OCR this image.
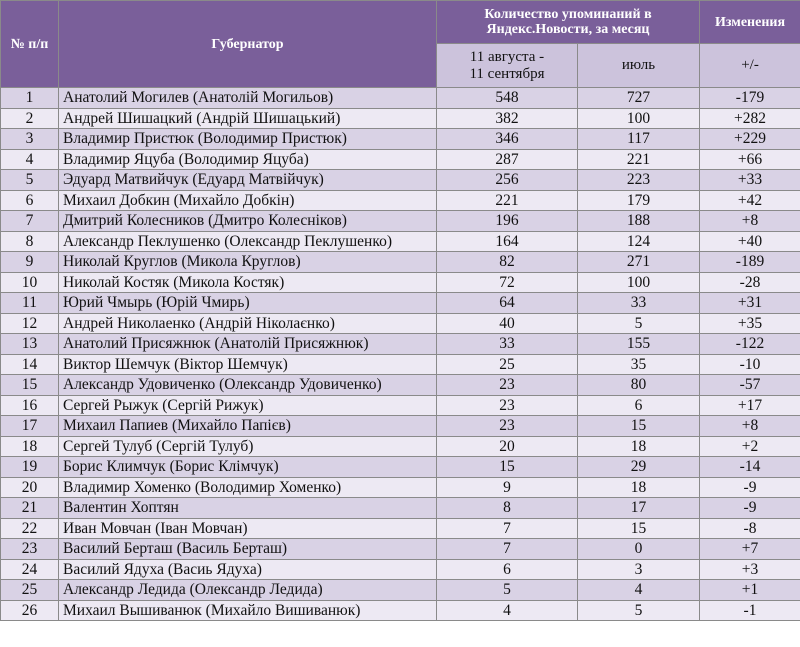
№ п/п	Губернатор	Количество упоминаний в Яндекс.Новости, за месяц		Изменения

		11 августа -
11 сентября	июль	+/-
1	Анатолий Могилев (Анатолій Могильов)	548	727	-179
2	Андрей Шишацкий (Андрій Шишацький)	382	100	+282
3	Владимир Пристюк (Володимир Пристюк)	346	117	+229
4	Владимир Яцуба (Володимир Яцуба)	287	221	+66
5	Эдуард Матвийчук (Едуард Матвійчук)	256	223	+33
6	Михаил Добкин (Михайло Добкін)	221	179	+42
7	Дмитрий Колесников (Дмитро Колесніков)	196	188	+8
8	Александр Пеклушенко (Олександр Пеклушенко)	164	124	+40
9	Николай Круглов (Микола Круглов)	82	271	-189
10	Николай Костяк (Микола Костяк)	72	100	-28
11	Юрий Чмырь (Юрій Чмирь)	64	33	+31
12	Андрей Николаенко (Андрій Ніколаєнко)	40	5	+35
13	Анатолий Присяжнюк (Анатолій Присяжнюк)	33	155	-122
14	Виктор Шемчук (Віктор Шемчук)	25	35	-10
15	Александр Удовиченко (Олександр Удовиченко)	23	80	-57
16	Сергей Рыжук (Сергій Рижук)	23	6	+17
17	Михаил Папиев (Михайло Папієв)	23	15	+8
18	Сергей Тулуб (Сергій Тулуб)	20	18	+2
19	Борис Климчук (Борис Клімчук)	15	29	-14
20	Владимир Хоменко (Володимир Хоменко)	9	18	-9
21	Валентин Хоптян	8	17	-9
22	Иван Мовчан (Іван Мовчан)	7	15	-8
23	Василий Берташ (Василь Берташ)	7	0	+7
24	Василий Ядуха (Васиь Ядуха)	6	3	+3
25	Александр Ледида (Олександр Ледида)	5	4	+1
26	Михаил Вышиванюк (Михайло Вишиванюк)	4	5	-1
